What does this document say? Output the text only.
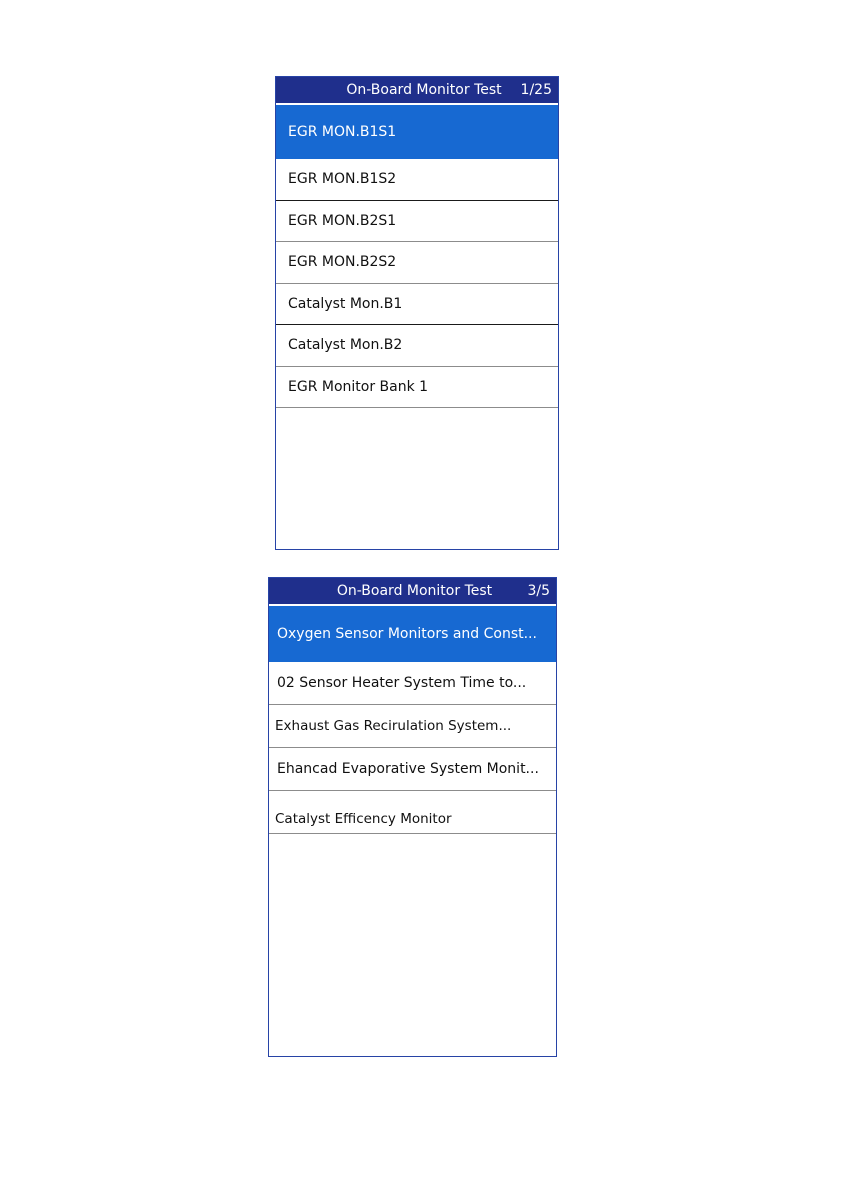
On-Board Monitor Test	1/25
EGR MON.B1S1
EGR MON.B1S2
EGR MON.B2S1
EGR MON.B2S2
Catalyst Mon.B1
Catalyst Mon.B2
EGR Monitor Bank 1
On-Board Monitor Test	3/5
Oxygen Sensor Monitors and Const...
02 Sensor Heater System Time to...
Exhaust Gas Recirulation System...
Ehancad Evaporative System Monit...
Catalyst Efficency Monitor
